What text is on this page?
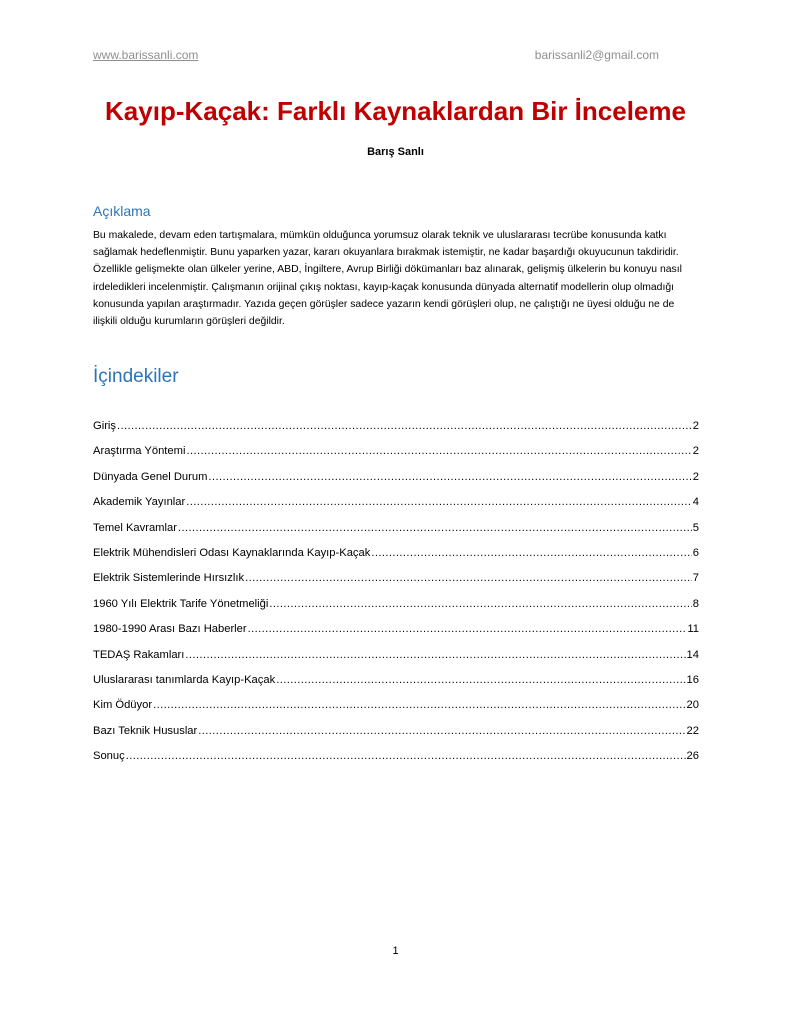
www.barissanli.com	barissanli2@gmail.com
Kayıp-Kaçak: Farklı Kaynaklardan Bir İnceleme
Barış Sanlı
Açıklama
Bu makalede, devam eden tartışmalara, mümkün olduğunca yorumsuz olarak teknik ve uluslararası tecrübe konusunda katkı sağlamak hedeflenmiştir. Bunu yaparken yazar, kararı okuyanlara bırakmak istemiştir, ne kadar başardığı okuyucunun takdiridir. Özellikle gelişmekte olan ülkeler yerine, ABD, İngiltere, Avrup Birliği dökümanları baz alınarak, gelişmiş ülkelerin bu konuyu nasıl irdeledikleri incelenmiştir. Çalışmanın orijinal çıkış noktası, kayıp-kaçak konusunda dünyada alternatif modellerin olup olmadığı konusunda yapılan araştırmadır. Yazıda geçen görüşler sadece yazarın kendi görüşleri olup, ne çalıştığı ne üyesi olduğu ne de ilişkili olduğu kurumların görüşleri değildir.
İçindekiler
Giriş .....	2
Araştırma Yöntemi .....	2
Dünyada Genel Durum .....	2
Akademik Yayınlar .....	4
Temel Kavramlar .....	5
Elektrik Mühendisleri Odası Kaynaklarında Kayıp-Kaçak .....	6
Elektrik Sistemlerinde Hırsızlık .....	7
1960 Yılı Elektrik Tarife Yönetmeliği .....	8
1980-1990 Arası Bazı Haberler .....	11
TEDAŞ Rakamları .....	14
Uluslararası tanımlarda Kayıp-Kaçak .....	16
Kim Ödüyor .....	20
Bazı Teknik Hususlar .....	22
Sonuç .....	26
1
